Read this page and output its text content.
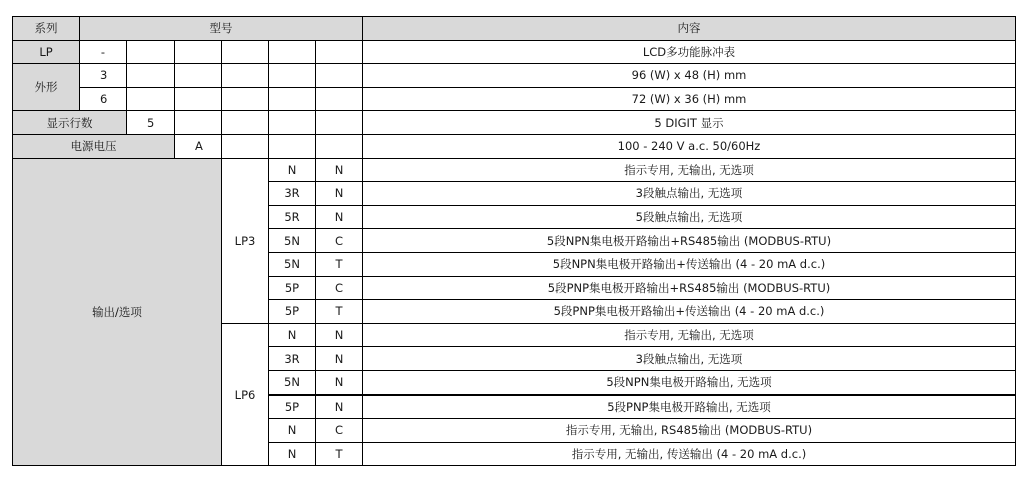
系列	型号						内容
LP	-						LCD多功能脉冲表
外形	3						96 (W) x 48 (H) mm
	6						72 (W) x 36 (H) mm
显示行数		5					5 DIGIT 显示
电源电压			A				100 - 240 V a.c. 50/60Hz
输出/选项				LP3	N	N	指示专用, 无输出, 无选项
					3R	N	3段触点输出, 无选项
					5R	N	5段触点输出, 无选项
					5N	C	5段NPN集电极开路输出+RS485输出 (MODBUS-RTU)
					5N	T	5段NPN集电极开路输出+传送输出 (4 - 20 mA d.c.)
					5P	C	5段PNP集电极开路输出+RS485输出 (MODBUS-RTU)
					5P	T	5段PNP集电极开路输出+传送输出 (4 - 20 mA d.c.)
				LP6	N	N	指示专用, 无输出, 无选项
					3R	N	3段触点输出, 无选项
					5N	N	5段NPN集电极开路输出, 无选项
					5P	N	5段PNP集电极开路输出, 无选项
					N	C	指示专用, 无输出, RS485输出 (MODBUS-RTU)
					N	T	指示专用, 无输出, 传送输出 (4 - 20 mA d.c.)
